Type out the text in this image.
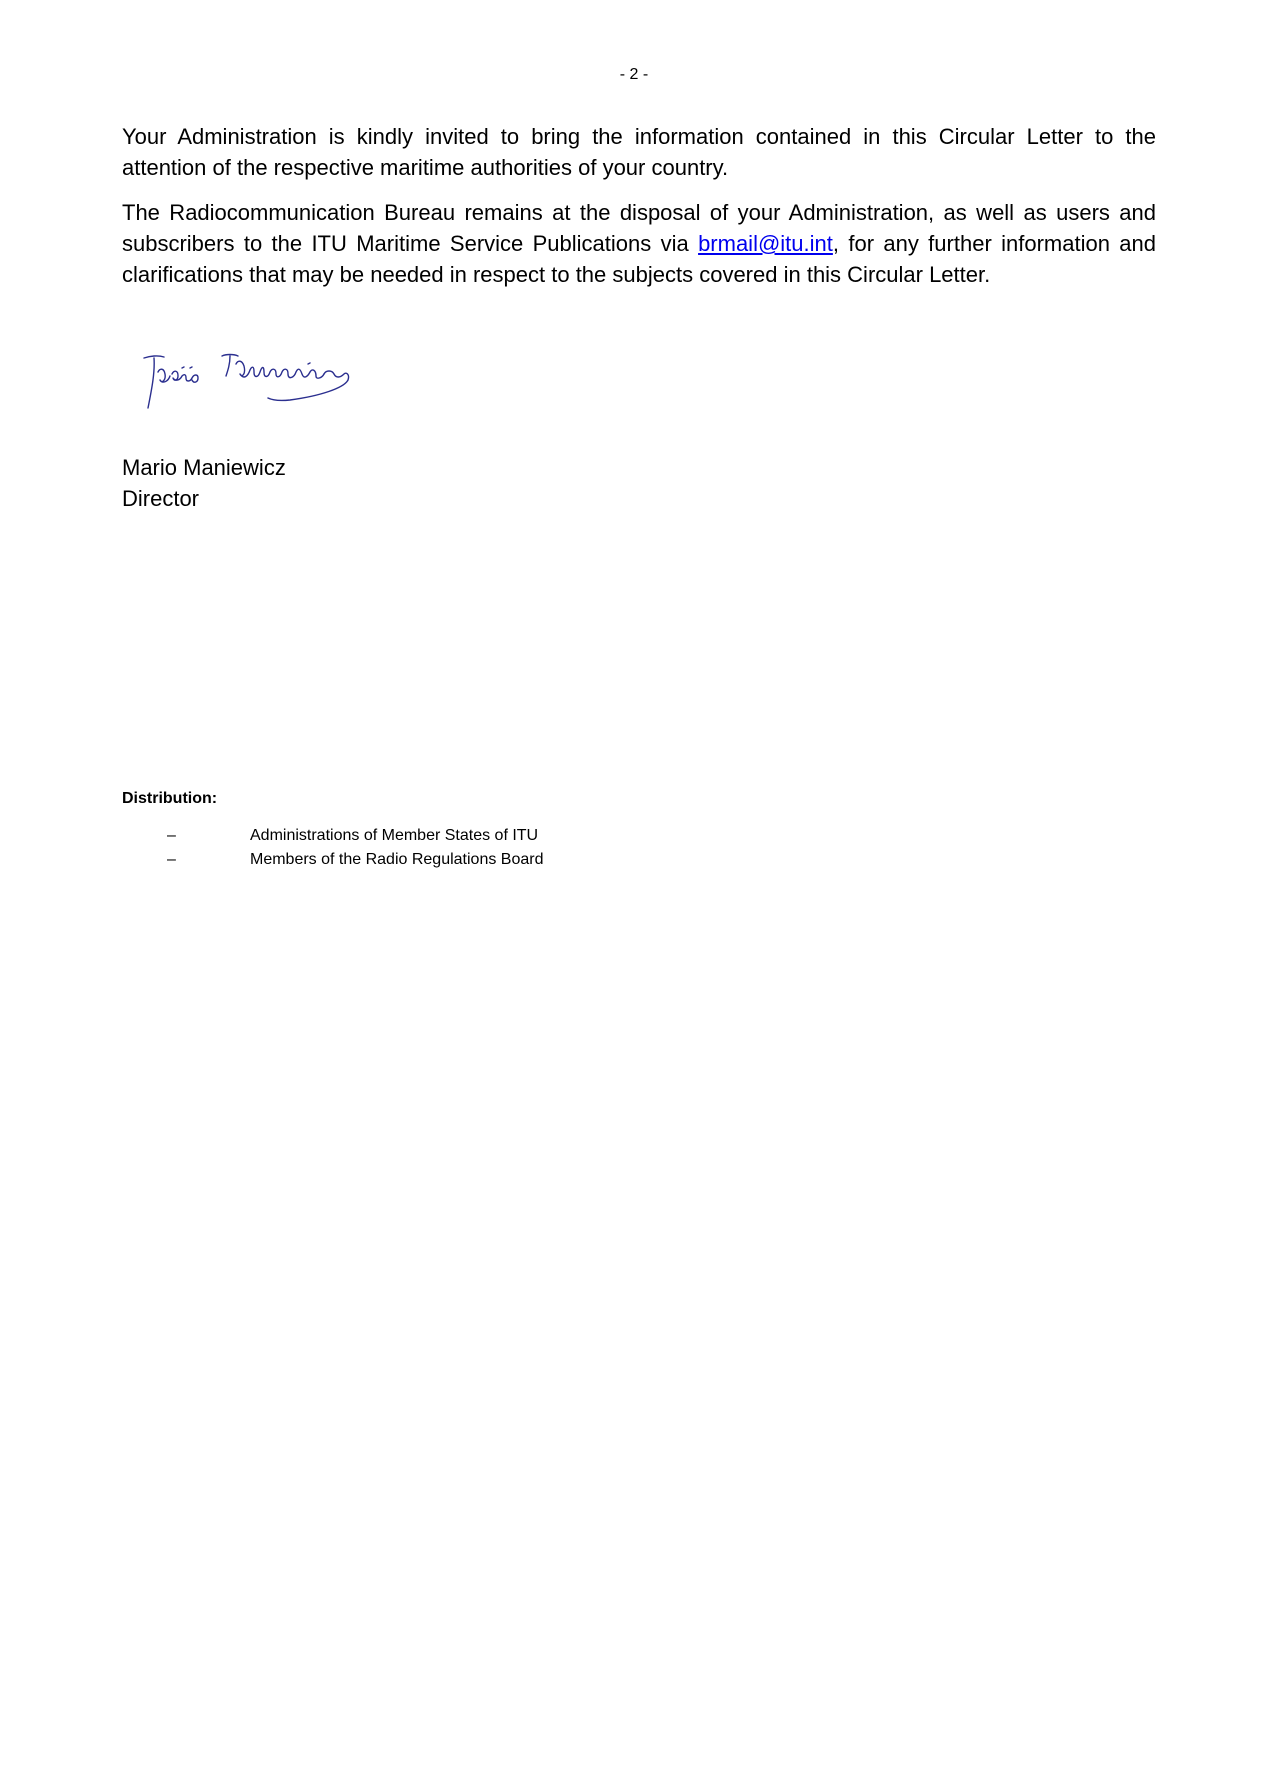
- 2 -

Your Administration is kindly invited to bring the information contained in this Circular Letter to the attention of the respective maritime authorities of your country.

The Radiocommunication Bureau remains at the disposal of your Administration, as well as users and subscribers to the ITU Maritime Service Publications via brmail@itu.int, for any further information and clarifications that may be needed in respect to the subjects covered in this Circular Letter.

Mario Maniewicz
Director
Distribution:
–	Administrations of Member States of ITU
–	Members of the Radio Regulations Board
